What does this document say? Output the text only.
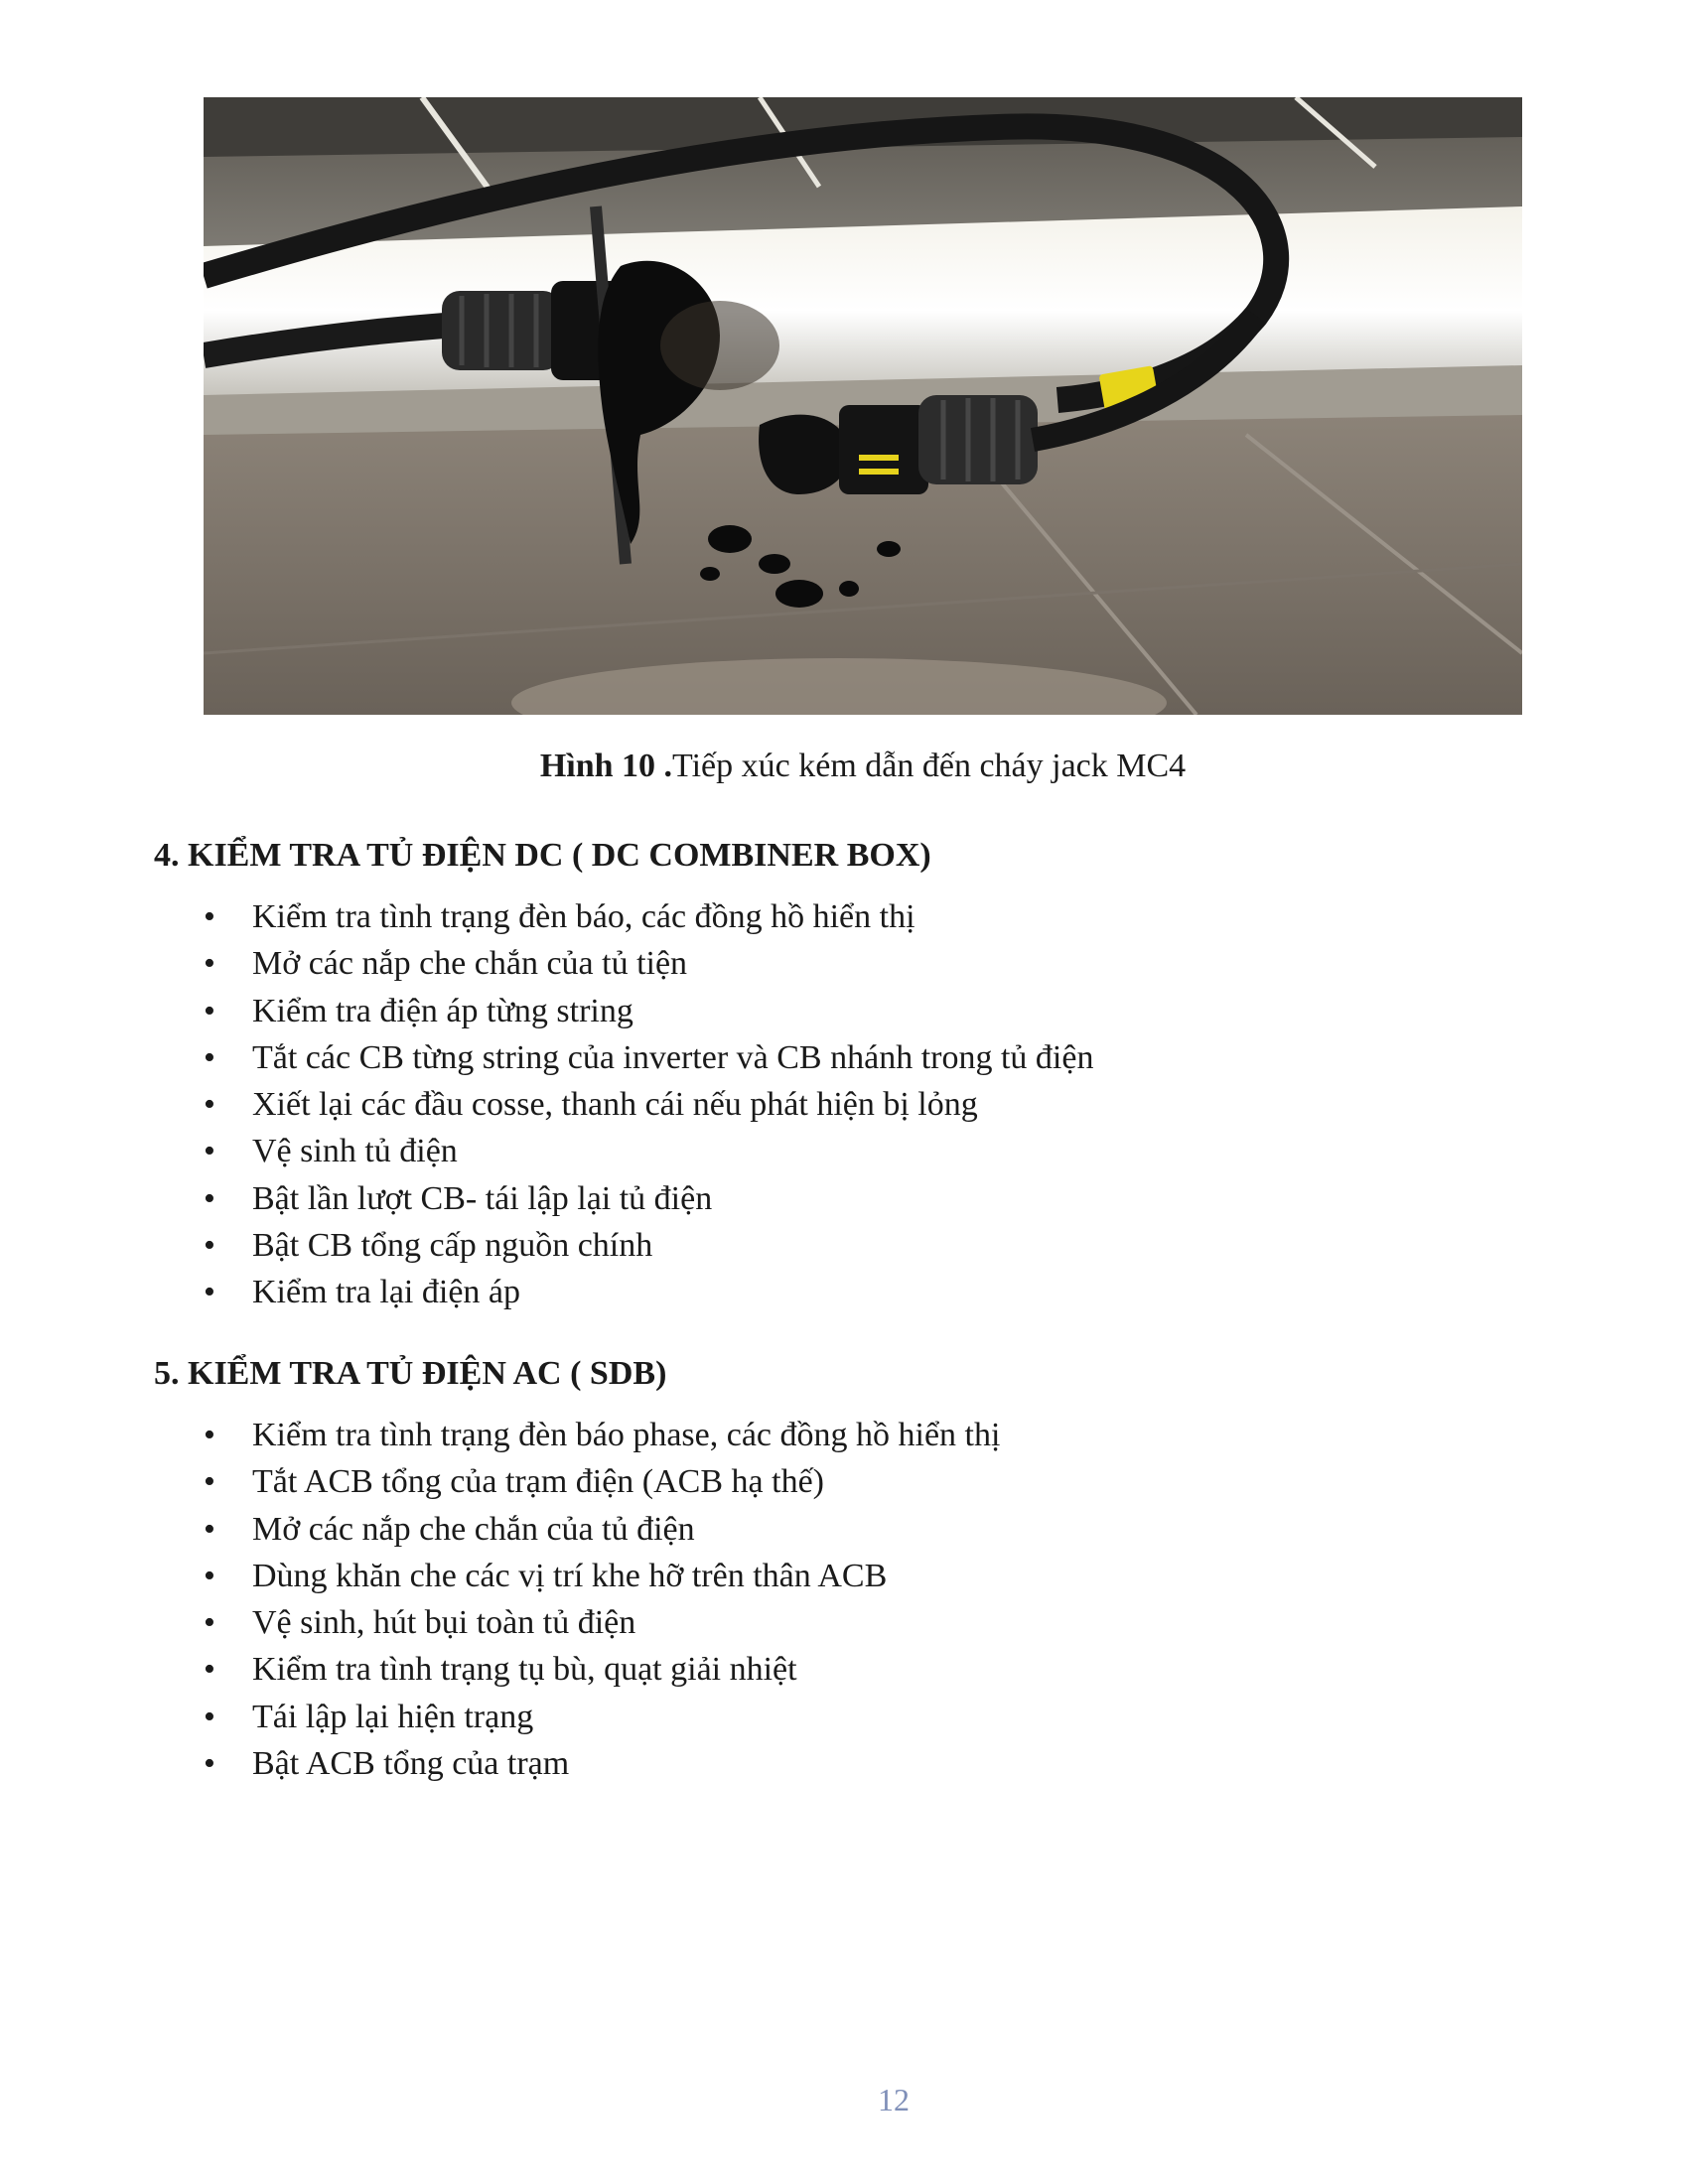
Hình 10 .Tiếp xúc kém dẫn đến cháy jack MC4
4. KIỂM TRA TỦ ĐIỆN DC ( DC COMBINER BOX)
• Kiểm tra tình trạng đèn báo, các đồng hồ hiển thị
• Mở các nắp che chắn của tủ tiện
• Kiểm tra điện áp từng string
• Tắt các CB từng string của inverter và CB nhánh trong tủ điện
• Xiết lại các đầu cosse, thanh cái nếu phát hiện bị lỏng
• Vệ sinh tủ điện
• Bật lần lượt CB- tái lập lại tủ điện
• Bật CB tổng cấp nguồn chính
• Kiểm tra lại điện áp
5. KIỂM TRA TỦ ĐIỆN AC ( SDB)
• Kiểm tra tình trạng đèn báo phase, các đồng hồ hiển thị
• Tắt ACB tổng của trạm điện (ACB hạ thế)
• Mở các nắp che chắn của tủ điện
• Dùng khăn che các vị trí khe hỡ trên thân ACB
• Vệ sinh, hút bụi toàn tủ điện
• Kiểm tra tình trạng tụ bù, quạt giải nhiệt
• Tái lập lại hiện trạng
• Bật ACB tổng của trạm
12
